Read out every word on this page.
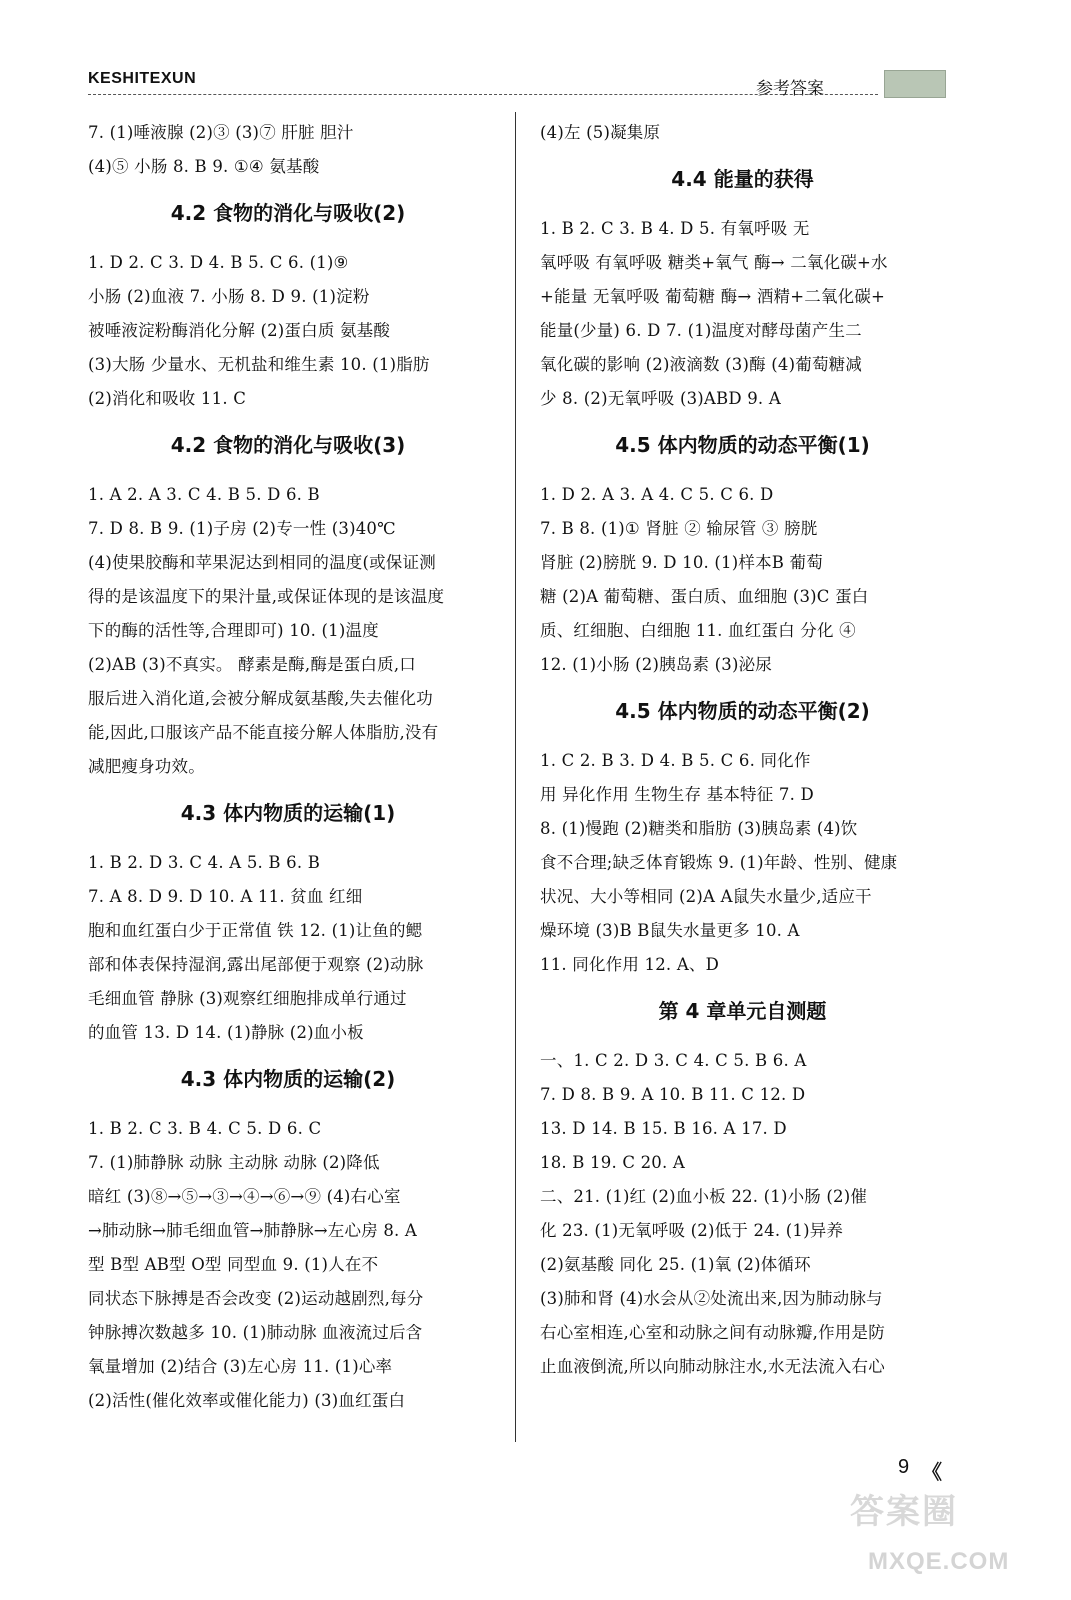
KESHITEXUN
参考答案
7. (1)唾液腺 (2)③ (3)⑦ 肝脏 胆汁
(4)⑤ 小肠 8. B 9. ①④ 氨基酸
4.2 食物的消化与吸收(2)
1. D 2. C 3. D 4. B 5. C 6. (1)⑨
小肠 (2)血液 7. 小肠 8. D 9. (1)淀粉
被唾液淀粉酶消化分解 (2)蛋白质 氨基酸
(3)大肠 少量水、无机盐和维生素 10. (1)脂肪
(2)消化和吸收 11. C
4.2 食物的消化与吸收(3)
1. A 2. A 3. C 4. B 5. D 6. B
7. D 8. B 9. (1)子房 (2)专一性 (3)40℃
(4)使果胶酶和苹果泥达到相同的温度(或保证测
得的是该温度下的果汁量,或保证体现的是该温度
下的酶的活性等,合理即可) 10. (1)温度
(2)AB (3)不真实。 酵素是酶,酶是蛋白质,口
服后进入消化道,会被分解成氨基酸,失去催化功
能,因此,口服该产品不能直接分解人体脂肪,没有
减肥瘦身功效。
4.3 体内物质的运输(1)
1. B 2. D 3. C 4. A 5. B 6. B
7. A 8. D 9. D 10. A 11. 贫血 红细
胞和血红蛋白少于正常值 铁 12. (1)让鱼的鳃
部和体表保持湿润,露出尾部便于观察 (2)动脉
毛细血管 静脉 (3)观察红细胞排成单行通过
的血管 13. D 14. (1)静脉 (2)血小板
4.3 体内物质的运输(2)
1. B 2. C 3. B 4. C 5. D 6. C
7. (1)肺静脉 动脉 主动脉 动脉 (2)降低
暗红 (3)⑧→⑤→③→④→⑥→⑨ (4)右心室
→肺动脉→肺毛细血管→肺静脉→左心房 8. A
型 B型 AB型 O型 同型血 9. (1)人在不
同状态下脉搏是否会改变 (2)运动越剧烈,每分
钟脉搏次数越多 10. (1)肺动脉 血液流过后含
氧量增加 (2)结合 (3)左心房 11. (1)心率
(2)活性(催化效率或催化能力) (3)血红蛋白
(4)左 (5)凝集原
4.4 能量的获得
1. B 2. C 3. B 4. D 5. 有氧呼吸 无
氧呼吸 有氧呼吸 糖类+氧气 酶→ 二氧化碳+水
+能量 无氧呼吸 葡萄糖 酶→ 酒精+二氧化碳+
能量(少量) 6. D 7. (1)温度对酵母菌产生二
氧化碳的影响 (2)液滴数 (3)酶 (4)葡萄糖减
少 8. (2)无氧呼吸 (3)ABD 9. A
4.5 体内物质的动态平衡(1)
1. D 2. A 3. A 4. C 5. C 6. D
7. B 8. (1)① 肾脏 ② 输尿管 ③ 膀胱
肾脏 (2)膀胱 9. D 10. (1)样本B 葡萄
糖 (2)A 葡萄糖、蛋白质、血细胞 (3)C 蛋白
质、红细胞、白细胞 11. 血红蛋白 分化 ④
12. (1)小肠 (2)胰岛素 (3)泌尿
4.5 体内物质的动态平衡(2)
1. C 2. B 3. D 4. B 5. C 6. 同化作
用 异化作用 生物生存 基本特征 7. D
8. (1)慢跑 (2)糖类和脂肪 (3)胰岛素 (4)饮
食不合理;缺乏体育锻炼 9. (1)年龄、性别、健康
状况、大小等相同 (2)A A鼠失水量少,适应干
燥环境 (3)B B鼠失水量更多 10. A
11. 同化作用 12. A、D
第 4 章单元自测题
一、1. C 2. D 3. C 4. C 5. B 6. A
7. D 8. B 9. A 10. B 11. C 12. D
13. D 14. B 15. B 16. A 17. D
18. B 19. C 20. A
二、21. (1)红 (2)血小板 22. (1)小肠 (2)催
化 23. (1)无氧呼吸 (2)低于 24. (1)异养
(2)氨基酸 同化 25. (1)氧 (2)体循环
(3)肺和肾 (4)水会从②处流出来,因为肺动脉与
右心室相连,心室和动脉之间有动脉瓣,作用是防
止血液倒流,所以向肺动脉注水,水无法流入右心
9 《
答案圈
MXQE.COM
